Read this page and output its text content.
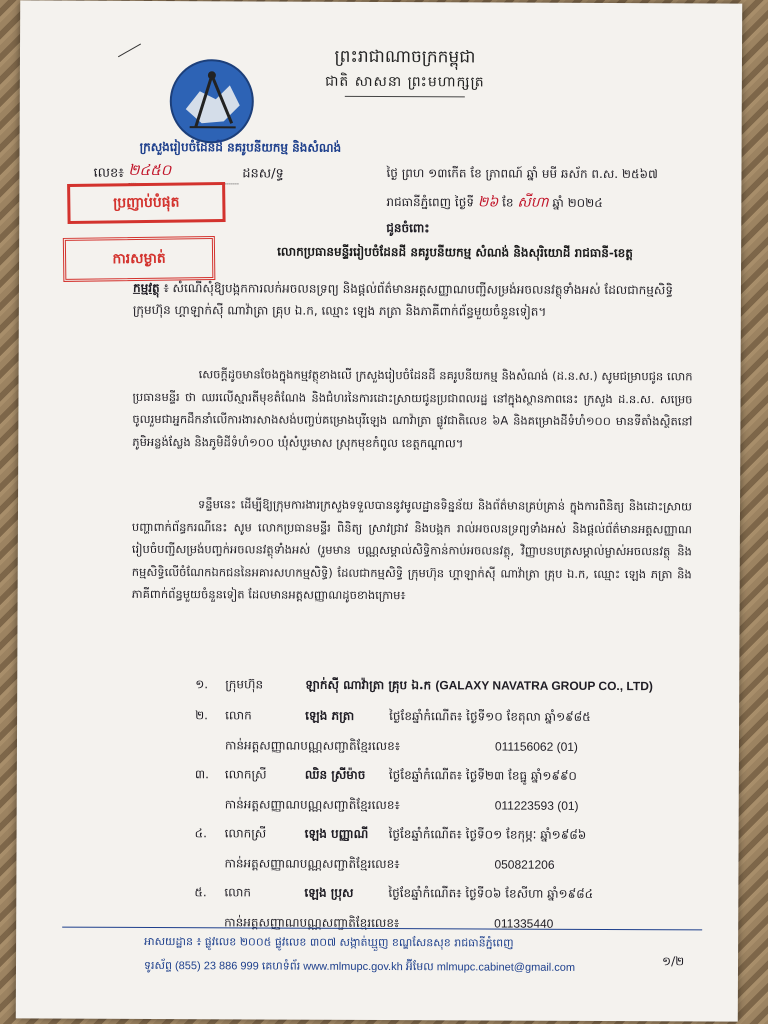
ព្រះរាជាណាចក្រកម្ពុជា
ជាតិ សាសនា ព្រះមហាក្សត្រ
ក្រសួងរៀបចំដែនដី នគរូបនីយកម្ម និងសំណង់
លេខ៖ ២៤៥០	ដនស/ទ្ធ
ប្រញាប់បំផុត
ការសម្ងាត់
ថ្ងៃ ព្រហ ១៣កើត ខែ ភ្រាពណ៍ ឆ្នាំ មមី ឆស័ក ព.ស. ២៥៦៧
រាជធានីភ្នំពេញ ថ្ងៃទី ២៦ ខែ សីហា ឆ្នាំ ២០២៤
ជូនចំពោះ
លោកប្រធានមន្ទីររៀបចំដែនដី នគរូបនីយកម្ម សំណង់ និងសុរិយោដី រាជធានី-ខេត្ត
កម្មវត្ថុ ៖ សំណើសុំឱ្យបង្កកការលក់អចលនទ្រព្យ និងផ្តល់ព័ត៌មានអត្តសញ្ញាណបញ្ជីសម្រង់អចលនវត្ថុទាំងអស់ ដែលជាកម្មសិទ្ធិ ក្រុមហ៊ុន ហ្គាឡាក់ស៊ី ណាវ៉ាត្រា គ្រុប ឯ.ក, ឈ្មោះ ឡេង ភត្រា និងភាគីពាក់ព័ន្ធមួយចំនួនទៀត។
សេចក្តីដូចមានចែងក្នុងកម្មវត្ថុខាងលើ ក្រសួងរៀបចំដែនដី នគរូបនីយកម្ម និងសំណង់ (ដ.ន.ស.) សូមជម្រាបជូន លោកប្រធានមន្ទីរ ថា ឈរលើស្មារតីមុខតំណែង និងជំហរនៃការដោះស្រាយជូនប្រជាពលរដ្ឋ នៅក្នុងស្ថានភាពនេះ ក្រសួង ដ.ន.ស. សម្រេចចូលរួមជាអ្នកដឹកនាំលើការងារសាងសង់បញ្ចប់គម្រោងបុរីឡេង ណាវ៉ាត្រា ផ្លូវជាតិលេខ ៦A និងគម្រោងដីទំហំ១០០ មានទីតាំងស្ថិតនៅភូមិអន្លង់ស្លែង និងភូមិដីទំហំ១០០ ឃុំសំបួរមាស ស្រុកមុខកំពូល ខេត្តកណ្តាល។
ទន្ទឹមនេះ ដើម្បីឱ្យក្រុមការងារក្រសួងទទួលបាននូវមូលដ្ឋានទិន្នន័យ និងព័ត៌មានគ្រប់គ្រាន់ ក្នុងការពិនិត្យ និងដោះស្រាយបញ្ហាពាក់ព័ន្ធករណីនេះ សូម លោកប្រធានមន្ទីរ ពិនិត្យ ស្រាវជ្រាវ និងបង្កក រាល់អចលនទ្រព្យទាំងអស់ និងផ្តល់ព័ត៌មានអត្តសញ្ញាណ រៀបចំបញ្ជីសម្រង់បញ្ចក់អចលនវត្ថុទាំងអស់ (រួមមាន បណ្ណសម្គាល់សិទ្ធិកាន់កាប់អចលនវត្ថុ, វិញ្ញាបនបត្រសម្គាល់ម្ចាស់អចលនវត្ថុ និងកម្មសិទ្ធិលើចំណែកឯកជននៃអគារសហកម្មសិទ្ធិ) ដែលជាកម្មសិទ្ធិ ក្រុមហ៊ុន ហ្គាឡាក់ស៊ី ណាវ៉ាត្រា គ្រុប ឯ.ក, ឈ្មោះ ឡេង ភត្រា និងភាគីពាក់ព័ន្ធមួយចំនួនទៀត ដែលមានអត្តសញ្ញាណដូចខាងក្រោម៖
១.	ក្រុមហ៊ុន	ឡាក់ស៊ី ណាវ៉ាត្រា គ្រុប ឯ.ក (GALAXY NAVATRA GROUP CO., LTD)
២.	លោក	ឡេង ភត្រា	ថ្ងៃខែឆ្នាំកំណើត៖ ថ្ងៃទី១០ ខែតុលា ឆ្នាំ១៩៨៥
កាន់អត្តសញ្ញាណបណ្ណសញ្ជាតិខ្មែរលេខ៖	011156062 (01)
៣.	លោកស្រី	ឈិន ស្រីម៉ាច ថ្ងៃខែឆ្នាំកំណើត៖ ថ្ងៃទី២៣ ខែធ្នូ ឆ្នាំ១៩៩០
កាន់អត្តសញ្ញាណបណ្ណសញ្ជាតិខ្មែរលេខ៖	011223593 (01)
៤.	លោកស្រី	ឡេង បញ្ញាណី ថ្ងៃខែឆ្នាំកំណើត៖ ថ្ងៃទី០១ ខែកុម្ភៈ ឆ្នាំ១៩៨៦
កាន់អត្តសញ្ញាណបណ្ណសញ្ជាតិខ្មែរលេខ៖	050821206
៥.	លោក	ឡេង ប្រុស	ថ្ងៃខែឆ្នាំកំណើត៖ ថ្ងៃទី០៦ ខែសីហា ឆ្នាំ១៩៨៤
កាន់អត្តសញ្ញាណបណ្ណសញ្ជាតិខ្មែរលេខ៖	011335440
អាសយដ្ឋាន ៖ ផ្លូវលេខ ២០០៥ ផ្លូវលេខ ៣០៧ សង្កាត់ឃ្មួញ ខណ្ឌសែនសុខ រាជធានីភ្នំពេញ
ទូរស័ព្ទ (855) 23 886 999 គេហទំព័រ www.mlmupc.gov.kh អ៊ីមែល mlmupc.cabinet@gmail.com	១/២
